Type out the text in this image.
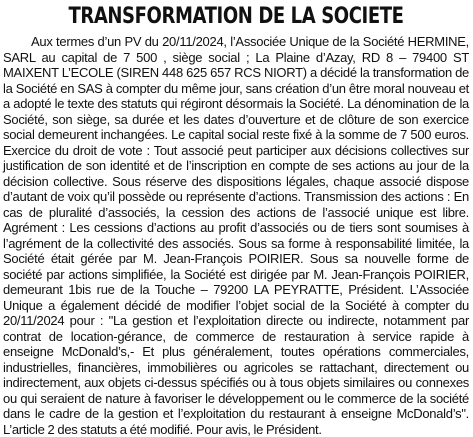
TRANSFORMATION DE LA SOCIETE

Aux termes d’un PV du 20/11/2024, l’Associée Unique de la Société HERMINE, SARL au capital de 7 500 , siège social ; La Plaine d’Azay, RD 8 – 79400 ST MAIXENT L’ECOLE (SIREN 448 625 657 RCS NIORT) a décidé la transformation de la Société en SAS à compter du même jour, sans création d’un être moral nouveau et a adopté le texte des statuts qui régiront désormais la Société. La dénomination de la Société, son siège, sa durée et les dates d’ouverture et de clôture de son exercice social demeurent inchangées. Le capital social reste fixé à la somme de 7 500 euros. Exercice du droit de vote : Tout associé peut participer aux décisions collectives sur justification de son identité et de l’inscription en compte de ses actions au jour de la décision collective. Sous réserve des dispositions légales, chaque associé dispose d’autant de voix qu’il possède ou représente d’actions. Transmission des actions : En cas de pluralité d’associés, la cession des actions de l’associé unique est libre. Agrément : Les cessions d’actions au profit d’associés ou de tiers sont soumises à l’agrément de la collectivité des associés. Sous sa forme à responsabilité limitée, la Société était gérée par M. Jean-François POIRIER. Sous sa nouvelle forme de société par actions simplifiée, la Société est dirigée par M. Jean-François POIRIER, demeurant 1bis rue de la Touche – 79200 LA PEYRATTE, Président. L’Associée Unique a également décidé de modifier l’objet social de la Société à compter du 20/11/2024 pour : "La gestion et l’exploitation directe ou indirecte, notamment par contrat de location-gérance, de commerce de restauration à service rapide à enseigne McDonald’s,- Et plus généralement, toutes opérations commerciales, industrielles, financières, immobilières ou agricoles se rattachant, directement ou indirectement, aux objets ci-dessus spécifiés ou à tous objets similaires ou connexes ou qui seraient de nature à favoriser le développement ou le commerce de la société dans le cadre de la gestion et l’exploitation du restaurant à enseigne McDonald’s". L’article 2 des statuts a été modifié. Pour avis, le Président.
